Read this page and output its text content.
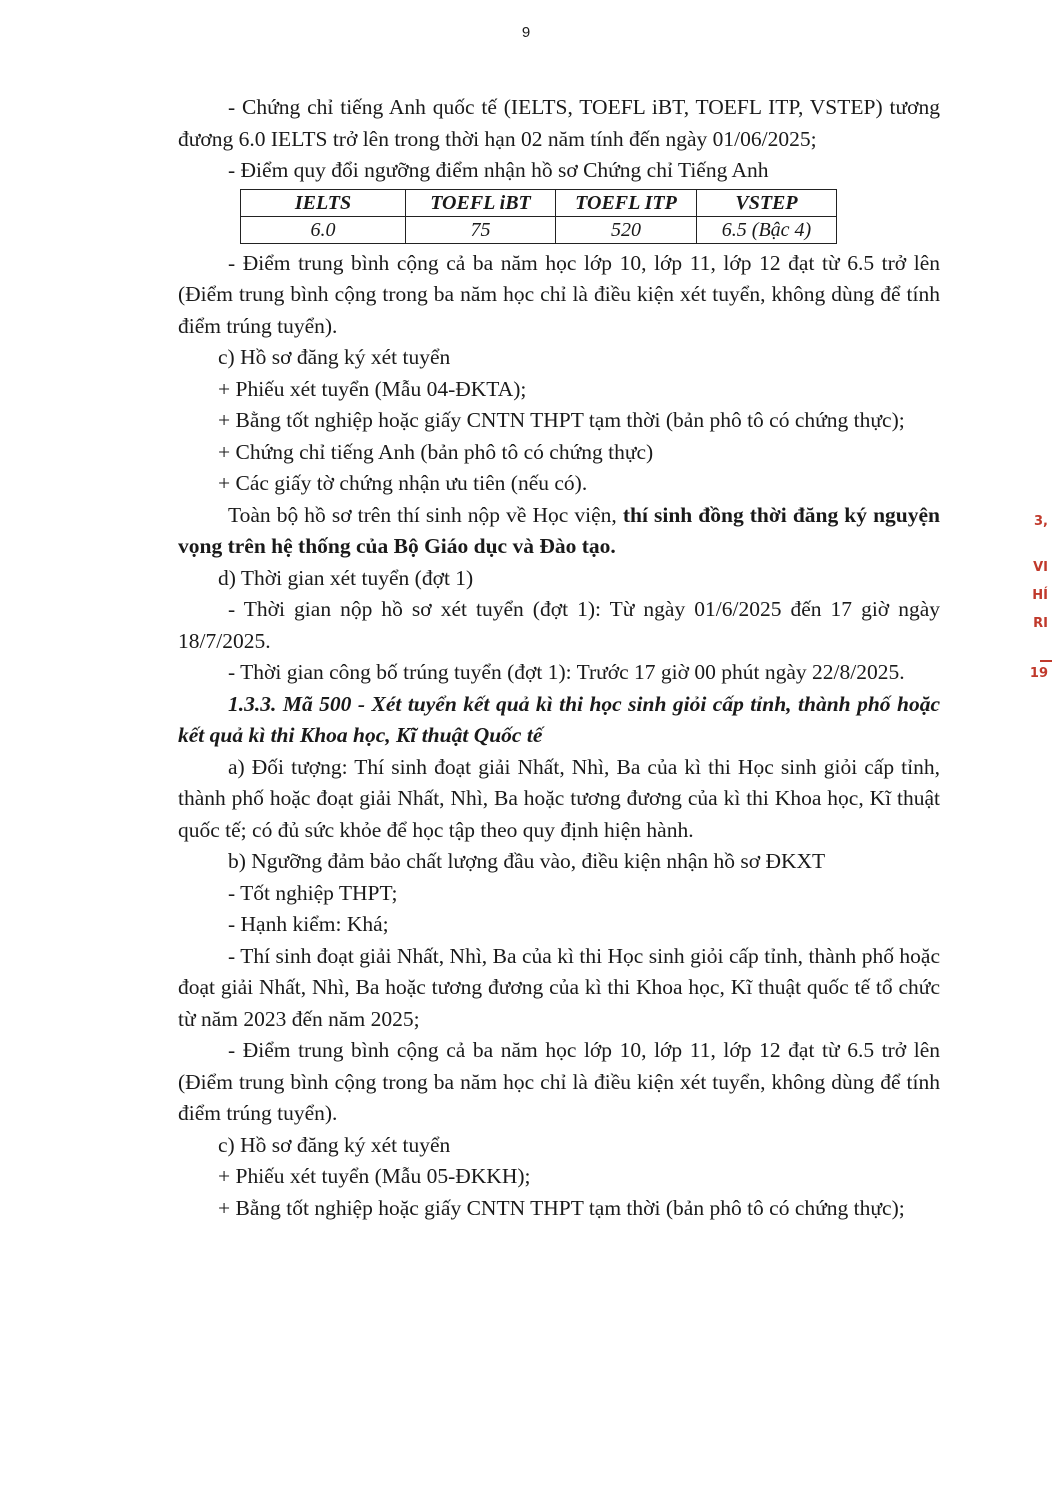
9

- Chứng chỉ tiếng Anh quốc tế (IELTS, TOEFL iBT, TOEFL ITP, VSTEP) tương đương 6.0 IELTS trở lên trong thời hạn 02 năm tính đến ngày 01/06/2025;

- Điểm quy đổi ngưỡng điểm nhận hồ sơ Chứng chỉ Tiếng Anh

IELTS	TOEFL iBT	TOEFL ITP	VSTEP
6.0	75	520	6.5 (Bậc 4)

- Điểm trung bình cộng cả ba năm học lớp 10, lớp 11, lớp 12 đạt từ 6.5 trở lên (Điểm trung bình cộng trong ba năm học chỉ là điều kiện xét tuyển, không dùng để tính điểm trúng tuyển).

c) Hồ sơ đăng ký xét tuyển

+ Phiếu xét tuyển (Mẫu 04-ĐKTA);

+ Bằng tốt nghiệp hoặc giấy CNTN THPT tạm thời (bản phô tô có chứng thực);

+ Chứng chỉ tiếng Anh (bản phô tô có chứng thực)

+ Các giấy tờ chứng nhận ưu tiên (nếu có).

Toàn bộ hồ sơ trên thí sinh nộp về Học viện, thí sinh đồng thời đăng ký nguyện vọng trên hệ thống của Bộ Giáo dục và Đào tạo.

d) Thời gian xét tuyển (đợt 1)

- Thời gian nộp hồ sơ xét tuyển (đợt 1): Từ ngày 01/6/2025 đến 17 giờ ngày 18/7/2025.

- Thời gian công bố trúng tuyển (đợt 1): Trước 17 giờ 00 phút ngày 22/8/2025.

1.3.3. Mã 500 - Xét tuyển kết quả kì thi học sinh giỏi cấp tỉnh, thành phố hoặc kết quả kì thi Khoa học, Kĩ thuật Quốc tế

a) Đối tượng: Thí sinh đoạt giải Nhất, Nhì, Ba của kì thi Học sinh giỏi cấp tỉnh, thành phố hoặc đoạt giải Nhất, Nhì, Ba hoặc tương đương của kì thi Khoa học, Kĩ thuật quốc tế; có đủ sức khỏe để học tập theo quy định hiện hành.

b) Ngưỡng đảm bảo chất lượng đầu vào, điều kiện nhận hồ sơ ĐKXT

- Tốt nghiệp THPT;

- Hạnh kiểm: Khá;

- Thí sinh đoạt giải Nhất, Nhì, Ba của kì thi Học sinh giỏi cấp tỉnh, thành phố hoặc đoạt giải Nhất, Nhì, Ba hoặc tương đương của kì thi Khoa học, Kĩ thuật quốc tế tổ chức từ năm 2023 đến năm 2025;

- Điểm trung bình cộng cả ba năm học lớp 10, lớp 11, lớp 12 đạt từ 6.5 trở lên (Điểm trung bình cộng trong ba năm học chỉ là điều kiện xét tuyển, không dùng để tính điểm trúng tuyển).

c) Hồ sơ đăng ký xét tuyển

+ Phiếu xét tuyển (Mẫu 05-ĐKKH);

+ Bằng tốt nghiệp hoặc giấy CNTN THPT tạm thời (bản phô tô có chứng thực);

3,
VI
HÍ
RI
19
